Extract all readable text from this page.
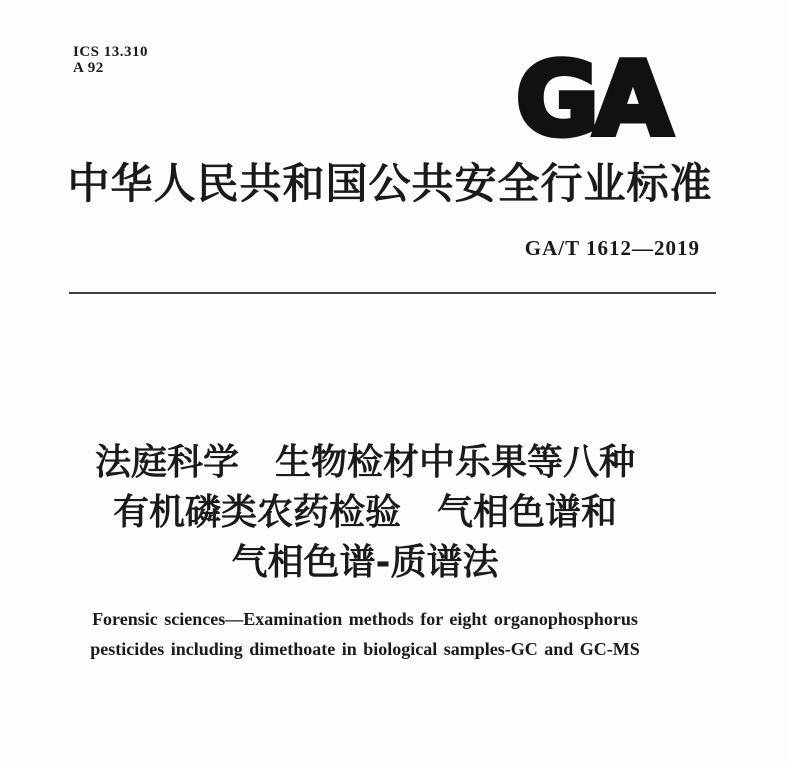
ICS 13.310
A 92	GA
中华人民共和国公共安全行业标准
GA/T 1612—2019
法庭科学　生物检材中乐果等八种
有机磷类农药检验　气相色谱和
气相色谱-质谱法
Forensic sciences—Examination methods for eight organophosphorus
pesticides including dimethoate in biological samples-GC and GC-MS
